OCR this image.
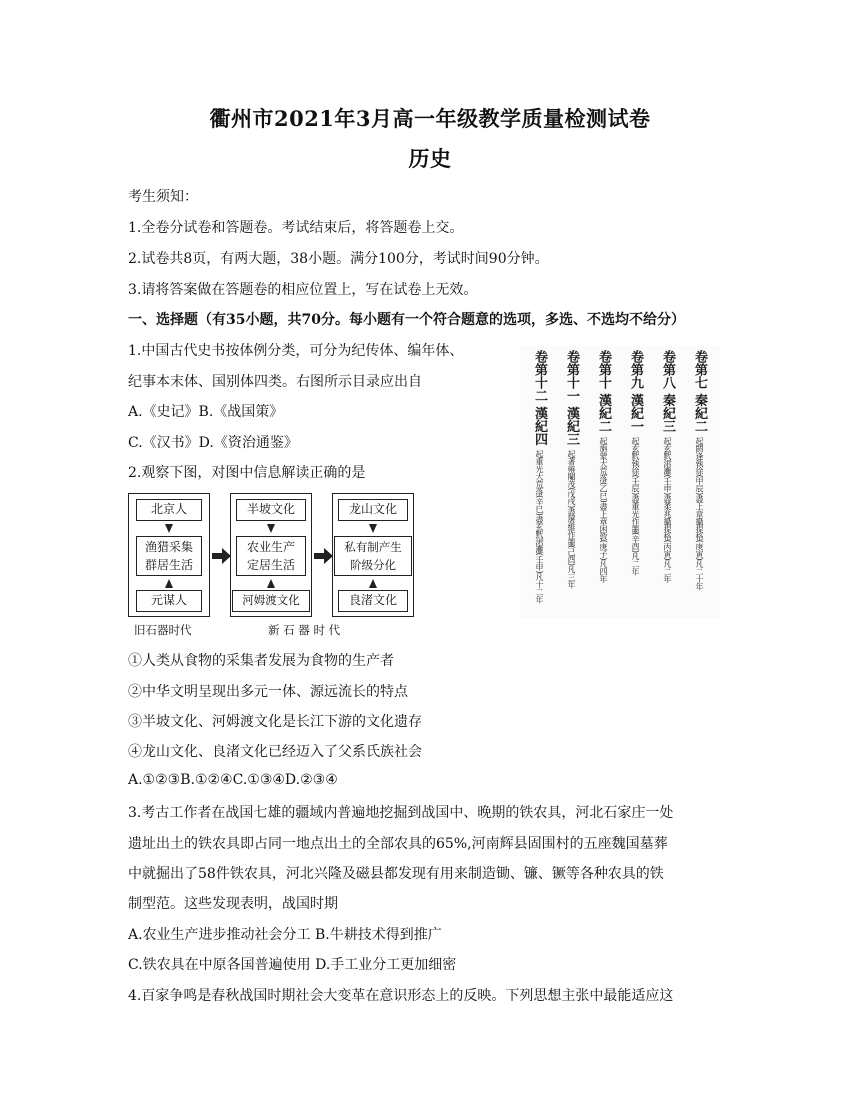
衢州市2021年3月高一年级教学质量检测试卷
历史
考生须知：
1.全卷分试卷和答题卷。考试结束后，将答题卷上交。
2.试卷共8页，有两大题，38小题。满分100分，考试时间90分钟。
3.请将答案做在答题卷的相应位置上，写在试卷上无效。
一、选择题（有35小题，共70分。每小题有一个符合题意的选项，多选、不选均不给分）
1.中国古代史书按体例分类，可分为纪传体、编年体、
纪事本末体、国别体四类。右图所示目录应出自
A.《史记》B.《战国策》
C.《汉书》D.《资治通鉴》	卷第十二 漢紀四 起重光大荒落(辛巳)盡玄黓涒灘(壬申)凡十二年
卷第十一 漢紀三 起著雍閹茂(戊戌)盡屠維作噩(己酉)凡三年
卷第十 漢紀二 起旃蒙大荒落(乙巳)盡上章困敦(庚子)凡四年
卷第九 漢紀一 起玄黓執徐(壬辰)盡重光作噩(辛酉)凡二年
卷第八 秦紀三 起玄黓涒灘(壬申)盡柔兆攝提格(丙寅)凡二年
卷第七 秦紀二 起閼逢執徐(甲辰)盡上章攝提格(庚寅)凡二十年
2.观察下图，对图中信息解读正确的是
北京人
渔猎采集
群居生活
元谋人
半坡文化
农业生产
定居生活
河姆渡文化
龙山文化
私有制产生
阶级分化
良渚文化
旧石器时代	新 石 器 时 代
①人类从食物的采集者发展为食物的生产者
②中华文明呈现出多元一体、源远流长的特点
③半坡文化、河姆渡文化是长江下游的文化遗存
④龙山文化、良渚文化已经迈入了父系氏族社会
A.①②③B.①②④C.①③④D.②③④
3.考古工作者在战国七雄的疆域内普遍地挖掘到战国中、晚期的铁农具，河北石家庄一处
遗址出土的铁农具即占同一地点出土的全部农具的65%,河南辉县固围村的五座魏国墓葬
中就掘出了58件铁农具，河北兴隆及磁县都发现有用来制造锄、镰、镢等各种农具的铁
制型范。这些发现表明，战国时期
A.农业生产进步推动社会分工 B.牛耕技术得到推广
C.铁农具在中原各国普遍使用 D.手工业分工更加细密
4.百家争鸣是春秋战国时期社会大变革在意识形态上的反映。下列思想主张中最能适应这
